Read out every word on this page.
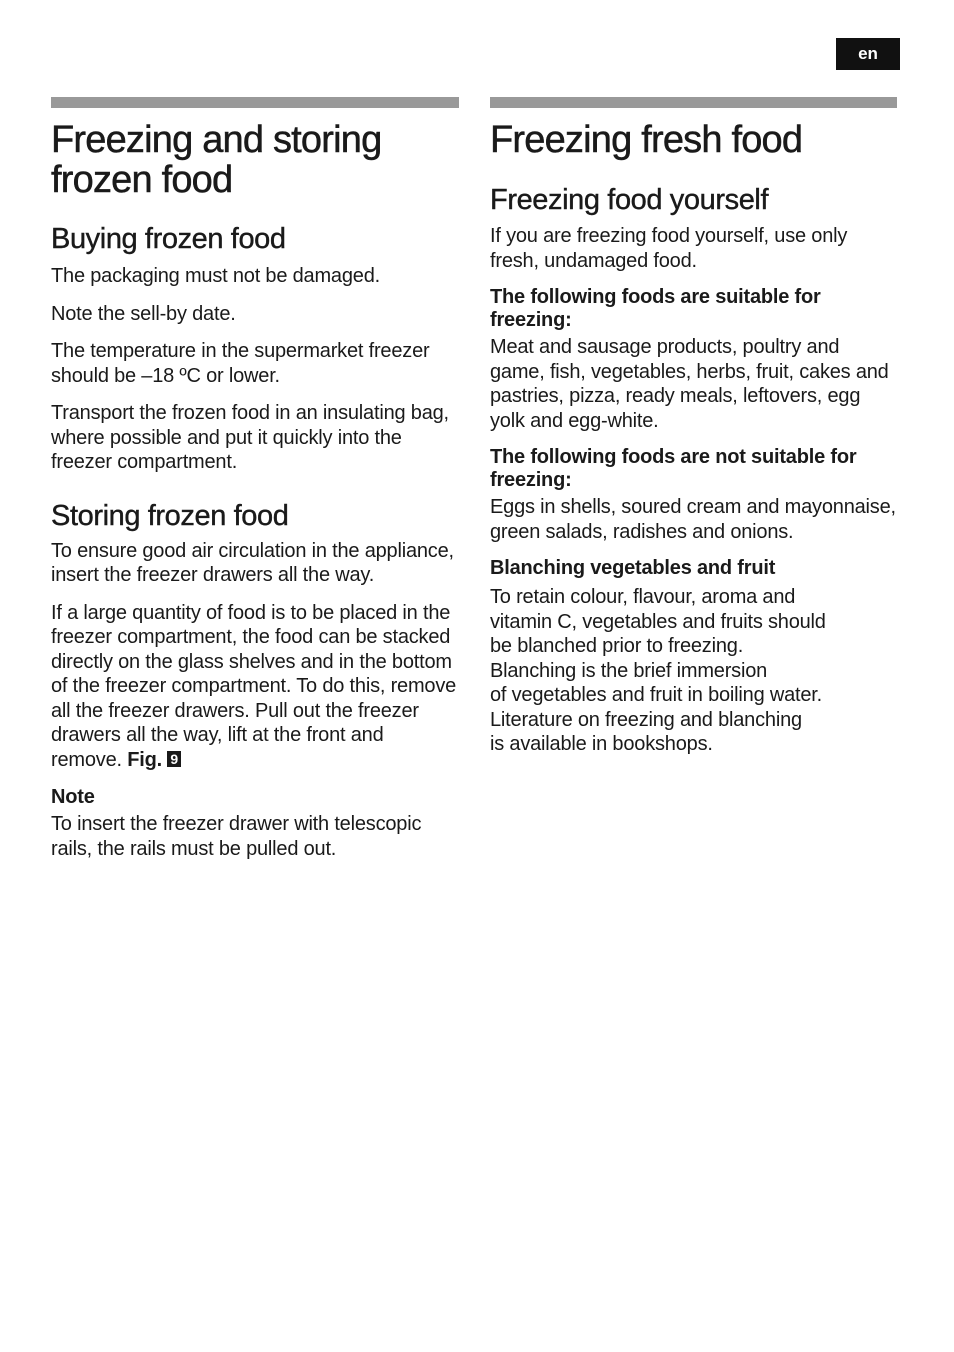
en
Freezing and storing frozen food
Buying frozen food

The packaging must not be damaged.

Note the sell-by date.

The temperature in the supermarket freezer should be –18 ºC or lower.

Transport the frozen food in an insulating bag, where possible and put it quickly into the freezer compartment.

Storing frozen food

To ensure good air circulation in the appliance, insert the freezer drawers all the way.

If a large quantity of food is to be placed in the freezer compartment, the food can be stacked directly on the glass shelves and in the bottom of the freezer compartment. To do this, remove all the freezer drawers. Pull out the freezer drawers all the way, lift at the front and remove. Fig. 9

Note

To insert the freezer drawer with telescopic rails, the rails must be pulled out.

Freezing fresh food
Freezing food yourself

If you are freezing food yourself, use only fresh, undamaged food.

The following foods are suitable for freezing:

Meat and sausage products, poultry and game, fish, vegetables, herbs, fruit, cakes and pastries, pizza, ready meals, leftovers, egg yolk and egg-white.

The following foods are not suitable for freezing:

Eggs in shells, soured cream and mayonnaise, green salads, radishes and onions.

Blanching vegetables and fruit

To retain colour, flavour, aroma and
vitamin C, vegetables and fruits should
be blanched prior to freezing.
Blanching is the brief immersion
of vegetables and fruit in boiling water.
Literature on freezing and blanching
is available in bookshops.
